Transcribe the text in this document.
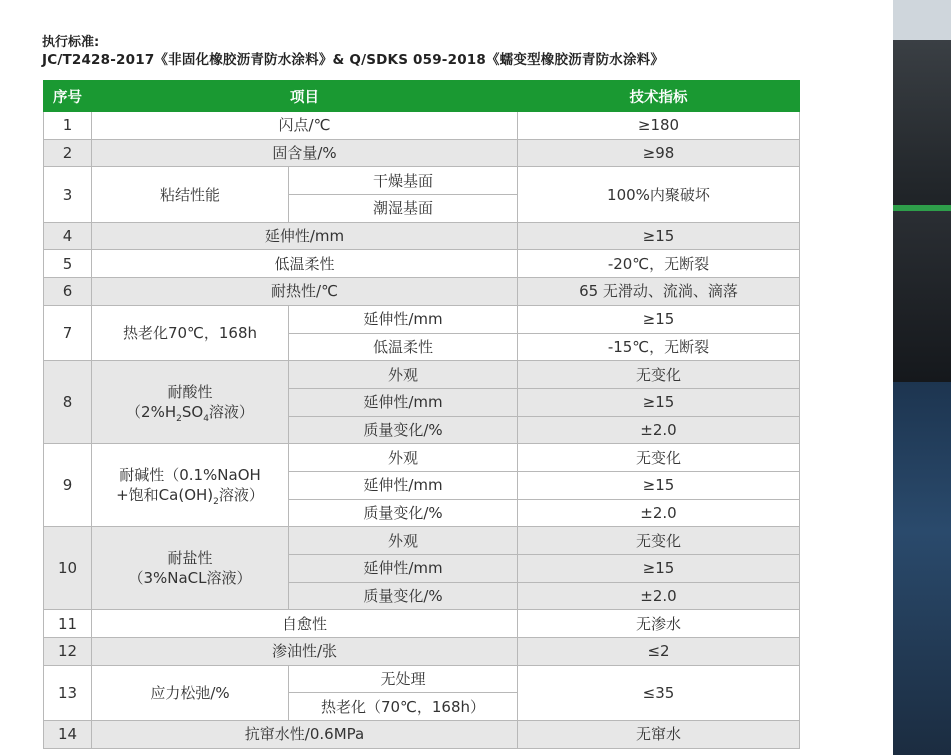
执行标准:
JC/T2428-2017《非固化橡胶沥青防水涂料》& Q/SDKS 059-2018《蠕变型橡胶沥青防水涂料》
序号	项目		技术指标
1	闪点/℃		≥180
2	固含量/%		≥98
3	粘结性能	干燥基面	100%内聚破坏
		潮湿基面	
4	延伸性/mm		≥15
5	低温柔性		-20℃，无断裂
6	耐热性/℃		65 无滑动、流淌、滴落
7	热老化70℃，168h	延伸性/mm	≥15
		低温柔性	-15℃，无断裂
8	耐酸性
（$2\%H_2SO_4$溶液）	外观	无变化
		延伸性/mm	≥15
		质量变化/%	±2.0
9	耐碱性（0.1%NaOH
+饱和$Ca(OH)_2$溶液）	外观	无变化
		延伸性/mm	≥15
		质量变化/%	±2.0
10	耐盐性
（3%NaCL溶液）	外观	无变化
		延伸性/mm	≥15
		质量变化/%	±2.0
11	自愈性		无渗水
12	渗油性/张		≤2
13	应力松弛/%	无处理	≤35
		热老化（70℃，168h）	
14	抗窜水性/0.6MPa		无窜水
